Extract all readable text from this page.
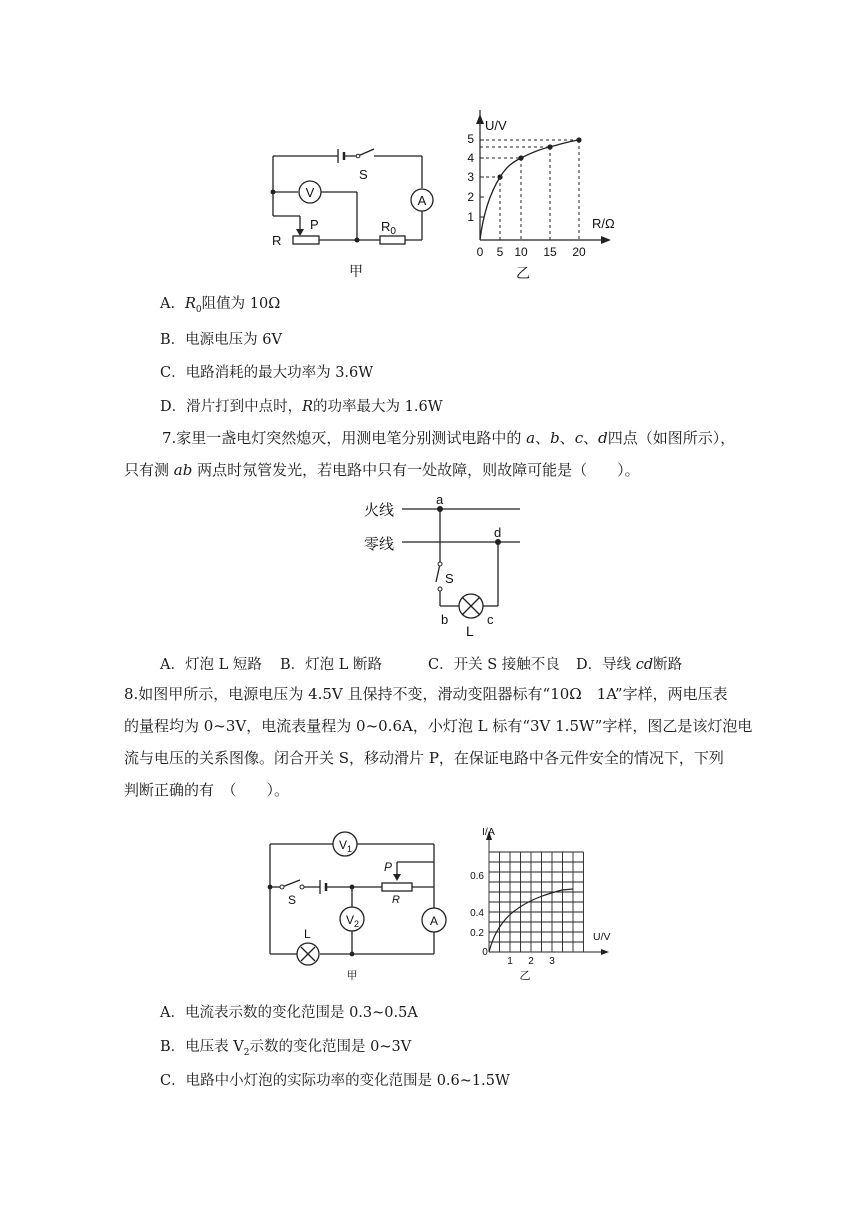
S
V
A
P
R
$R_0$
甲
U/V
R/Ω
1
2
3
4
5
0 5 10 15 20
乙
A．$R_0$阻值为 10Ω
B．电源电压为 6V
C．电路消耗的最大功率为 3.6W
D．滑片打到中点时，R的功率最大为 1.6W
7.家里一盏电灯突然熄灭，用测电笔分别测试电路中的 a、b、c、d四点（如图所示），
只有测 ab 两点时氖管发光，若电路中只有一处故障，则故障可能是（　　）。
火线
零线
a
d
S
b	c
L
A．灯泡 L 短路 B．灯泡 L 断路	C．开关 S 接触不良 D．导线 cd断路
8.如图甲所示，电源电压为 4.5V 且保持不变，滑动变阻器标有“10Ω　1A”字样，两电压表
的量程均为 0~3V，电流表量程为 0~0.6A，小灯泡 L 标有“3V 1.5W”字样，图乙是该灯泡电
流与电压的关系图像。闭合开关 S，移动滑片 P，在保证电路中各元件安全的情况下，下列
判断正确的有　（　　）。
$V_1$
$V_2$	A
S
L
P
R
甲
I/A
U/V
0.2
0.4
0.6
0
1 2 3
乙
A．电流表示数的变化范围是 0.3~0.5A
B．电压表 $V_2$示数的变化范围是 0~3V
C．电路中小灯泡的实际功率的变化范围是 0.6~1.5W
